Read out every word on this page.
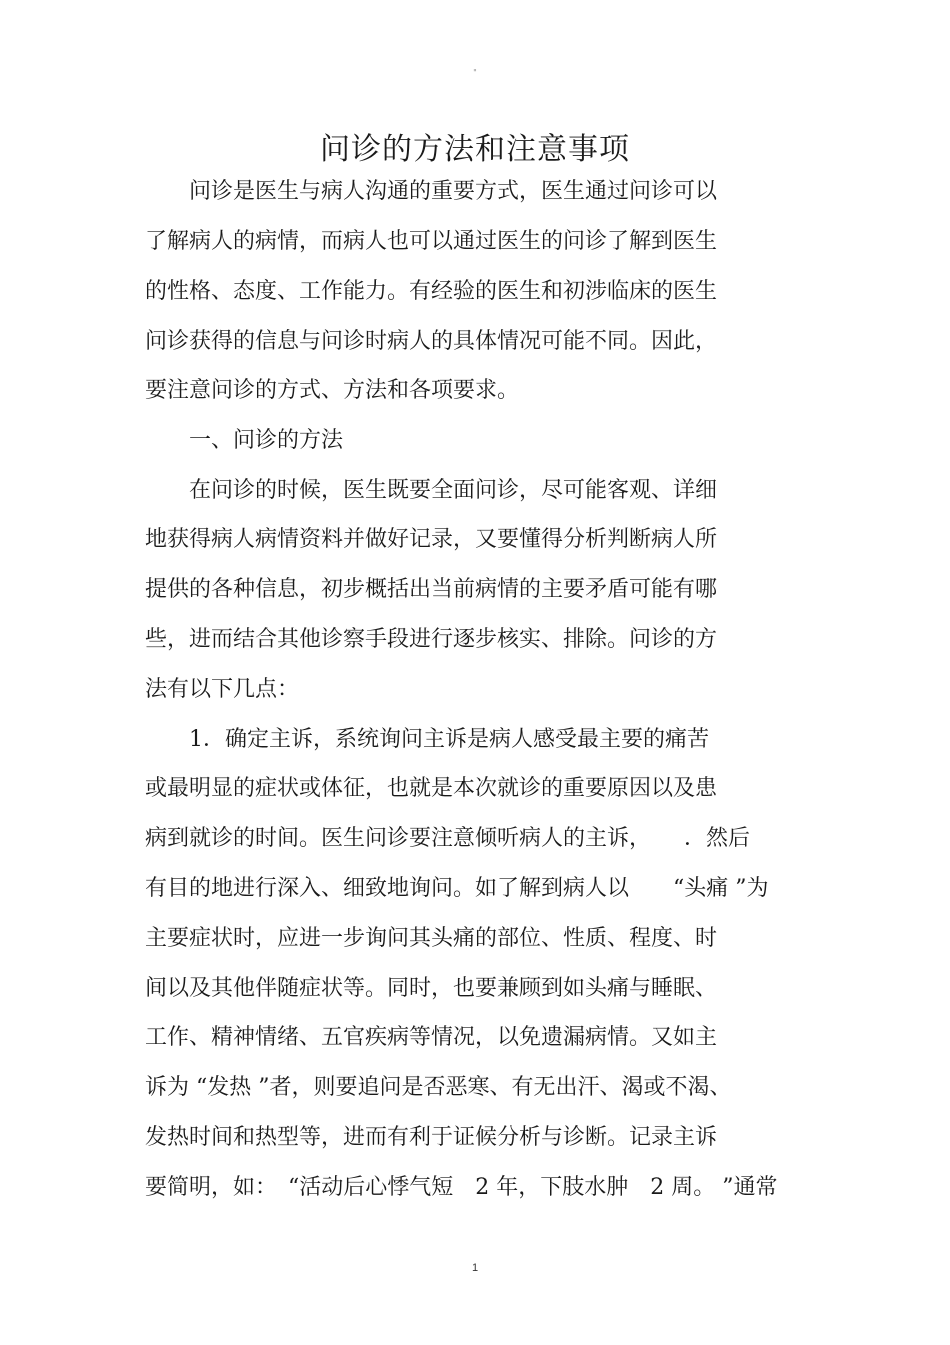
"
问诊的方法和注意事项
　　问诊是医生与病人沟通的重要方式，医生通过问诊可以
了解病人的病情，而病人也可以通过医生的问诊了解到医生
的性格、态度、工作能力。有经验的医生和初涉临床的医生
问诊获得的信息与问诊时病人的具体情况可能不同。因此，
要注意问诊的方式、方法和各项要求。
　　一、问诊的方法
　　在问诊的时候，医生既要全面问诊，尽可能客观、详细
地获得病人病情资料并做好记录，又要懂得分析判断病人所
提供的各种信息，初步概括出当前病情的主要矛盾可能有哪
些，进而结合其他诊察手段进行逐步核实、排除。问诊的方
法有以下几点：
　　1．确定主诉，系统询问主诉是病人感受最主要的痛苦
或最明显的症状或体征，也就是本次就诊的重要原因以及患
病到就诊的时间。医生问诊要注意倾听病人的主诉，　　．然后
有目的地进行深入、细致地询问。如了解到病人以　　“头痛 ”为
主要症状时，应进一步询问其头痛的部位、性质、程度、时
间以及其他伴随症状等。同时，也要兼顾到如头痛与睡眠、
工作、精神情绪、五官疾病等情况，以免遗漏病情。又如主
诉为 “发热 ”者，则要追问是否恶寒、有无出汗、渴或不渴、
发热时间和热型等，进而有利于证候分析与诊断。记录主诉
要简明，如：　“活动后心悸气短　2 年，下肢水肿　2 周。 ”通常
1
